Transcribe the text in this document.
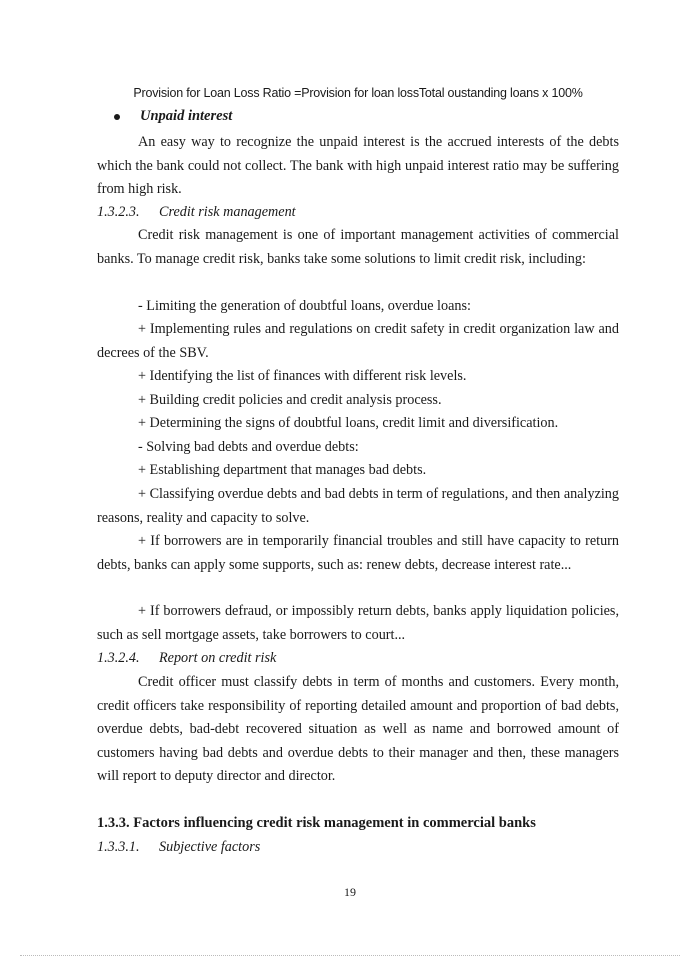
Provision for Loan Loss Ratio =Provision for loan lossTotal oustanding loans x 100%
Unpaid interest

An easy way to recognize the unpaid interest is the accrued interests of the debts which the bank could not collect. The bank with high unpaid interest ratio may be suffering from high risk.

1.3.2.3. Credit risk management

Credit risk management is one of important management activities of commercial banks. To manage credit risk, banks take some solutions to limit credit risk, including:

- Limiting the generation of doubtful loans, overdue loans:

+ Implementing rules and regulations on credit safety in credit organization law and decrees of the SBV.

+ Identifying the list of finances with different risk levels.

+ Building credit policies and credit analysis process.

+ Determining the signs of doubtful loans, credit limit and diversification.

- Solving bad debts and overdue debts:

+ Establishing department that manages bad debts.

+ Classifying overdue debts and bad debts in term of regulations, and then analyzing reasons, reality and capacity to solve.

+ If borrowers are in temporarily financial troubles and still have capacity to return debts, banks can apply some supports, such as: renew debts, decrease interest rate...

+ If borrowers defraud, or impossibly return debts, banks apply liquidation policies, such as sell mortgage assets, take borrowers to court...

1.3.2.4. Report on credit risk

Credit officer must classify debts in term of months and customers. Every month, credit officers take responsibility of reporting detailed amount and proportion of bad debts, overdue debts, bad-debt recovered situation as well as name and borrowed amount of customers having bad debts and overdue debts to their manager and then, these managers will report to deputy director and director.

1.3.3. Factors influencing credit risk management in commercial banks
1.3.3.1. Subjective factors
19
